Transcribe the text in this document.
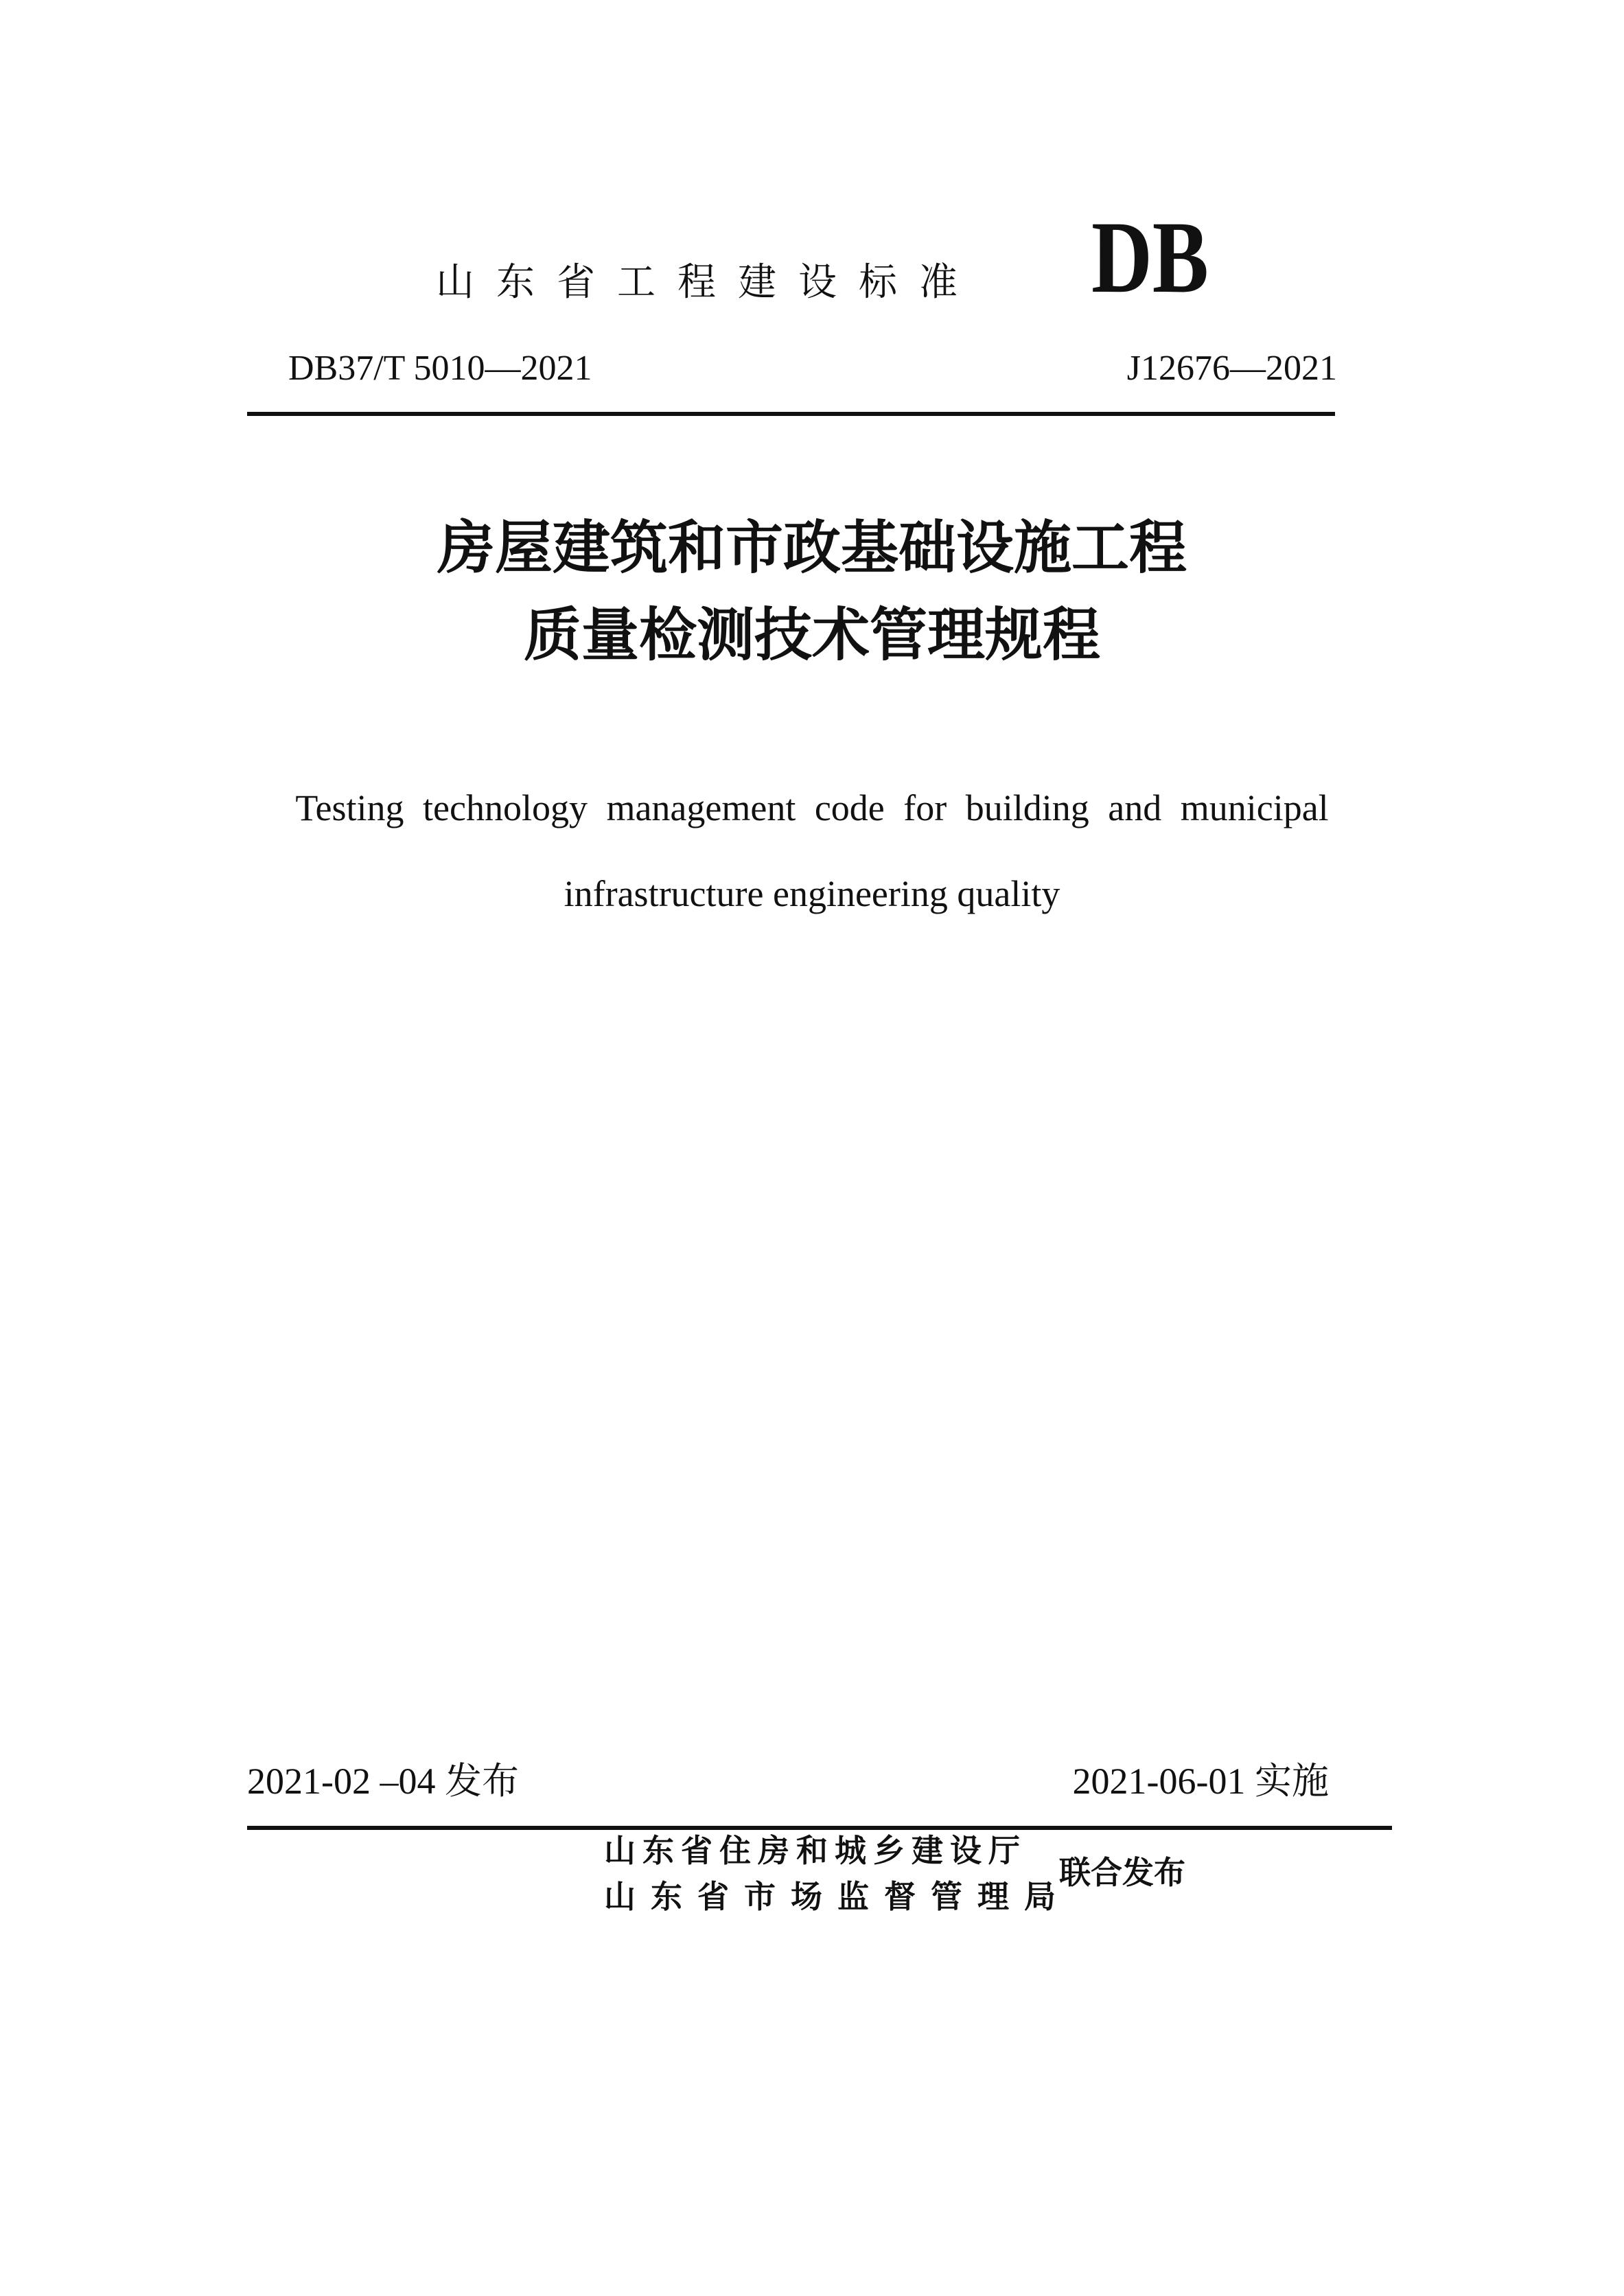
山东省工程建设标准 DB
DB37/T 5010—2021	J12676—2021
房屋建筑和市政基础设施工程
质量检测技术管理规程
Testing technology management code for building and municipal
infrastructure engineering quality
2021-02 –04 发布	2021-06-01 实施
山东省住房和城乡建设厅
山东省市场监督管理局
联合发布
